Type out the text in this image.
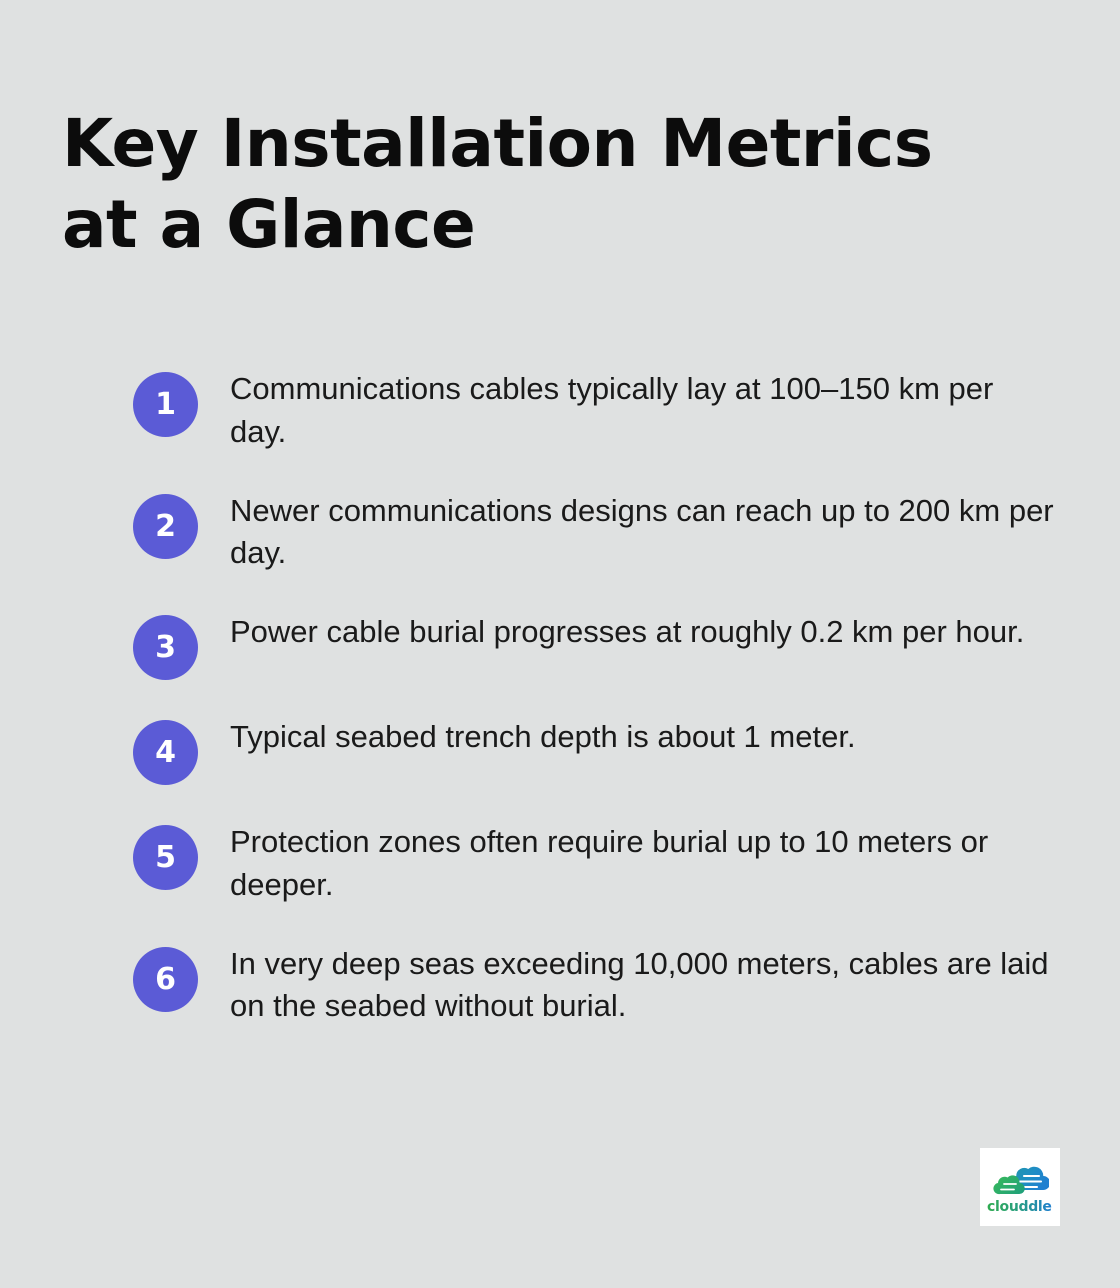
Key Installation Metrics at a Glance
1	Communications cables typically lay at 100–150 km per day.
2	Newer communications designs can reach up to 200 km per day.
3	Power cable burial progresses at roughly 0.2 km per hour.
4	Typical seabed trench depth is about 1 meter.
5	Protection zones often require burial up to 10 meters or deeper.
6	In very deep seas exceeding 10,000 meters, cables are laid on the seabed without burial.
clouddle
